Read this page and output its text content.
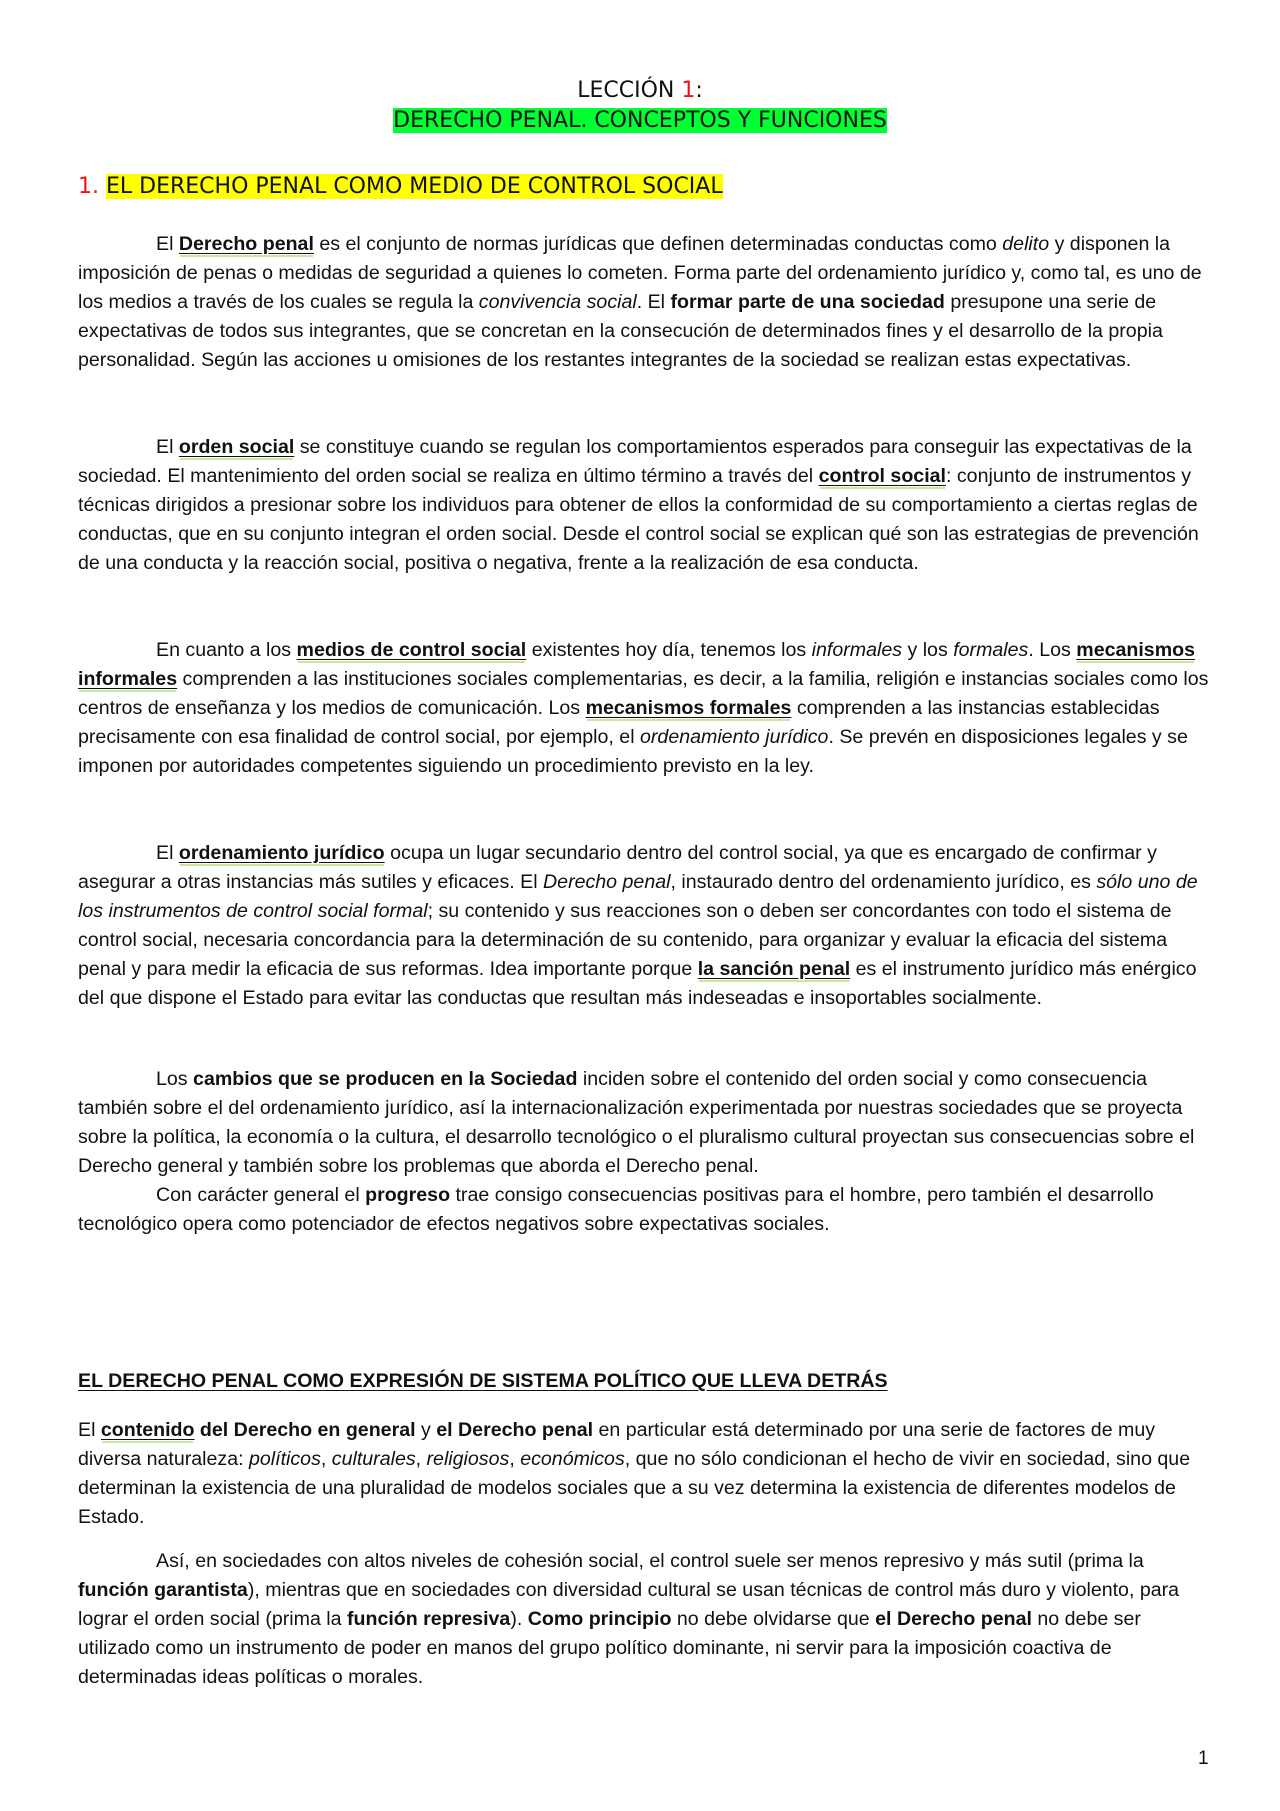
LECCIÓN 1:
DERECHO PENAL. CONCEPTOS Y FUNCIONES
1. EL DERECHO PENAL COMO MEDIO DE CONTROL SOCIAL

El Derecho penal es el conjunto de normas jurídicas que definen determinadas conductas como delito y disponen la imposición de penas o medidas de seguridad a quienes lo cometen. Forma parte del ordenamiento jurídico y, como tal, es uno de los medios a través de los cuales se regula la convivencia social. El formar parte de una sociedad presupone una serie de expectativas de todos sus integrantes, que se concretan en la consecución de determinados fines y el desarrollo de la propia personalidad. Según las acciones u omisiones de los restantes integrantes de la sociedad se realizan estas expectativas.

El orden social se constituye cuando se regulan los comportamientos esperados para conseguir las expectativas de la sociedad. El mantenimiento del orden social se realiza en último término a través del control social: conjunto de instrumentos y técnicas dirigidos a presionar sobre los individuos para obtener de ellos la conformidad de su comportamiento a ciertas reglas de conductas, que en su conjunto integran el orden social. Desde el control social se explican qué son las estrategias de prevención de una conducta y la reacción social, positiva o negativa, frente a la realización de esa conducta.

En cuanto a los medios de control social existentes hoy día, tenemos los informales y los formales. Los mecanismos informales comprenden a las instituciones sociales complementarias, es decir, a la familia, religión e instancias sociales como los centros de enseñanza y los medios de comunicación. Los mecanismos formales comprenden a las instancias establecidas precisamente con esa finalidad de control social, por ejemplo, el ordenamiento jurídico. Se prevén en disposiciones legales y se imponen por autoridades competentes siguiendo un procedimiento previsto en la ley.

El ordenamiento jurídico ocupa un lugar secundario dentro del control social, ya que es encargado de confirmar y asegurar a otras instancias más sutiles y eficaces. El Derecho penal, instaurado dentro del ordenamiento jurídico, es sólo uno de los instrumentos de control social formal; su contenido y sus reacciones son o deben ser concordantes con todo el sistema de control social, necesaria concordancia para la determinación de su contenido, para organizar y evaluar la eficacia del sistema penal y para medir la eficacia de sus reformas. Idea importante porque la sanción penal es el instrumento jurídico más enérgico del que dispone el Estado para evitar las conductas que resultan más indeseadas e insoportables socialmente.

Los cambios que se producen en la Sociedad inciden sobre el contenido del orden social y como consecuencia también sobre el del ordenamiento jurídico, así la internacionalización experimentada por nuestras sociedades que se proyecta sobre la política, la economía o la cultura, el desarrollo tecnológico o el pluralismo cultural proyectan sus consecuencias sobre el Derecho general y también sobre los problemas que aborda el Derecho penal.

Con carácter general el progreso trae consigo consecuencias positivas para el hombre, pero también el desarrollo tecnológico opera como potenciador de efectos negativos sobre expectativas sociales.

EL DERECHO PENAL COMO EXPRESIÓN DE SISTEMA POLÍTICO QUE LLEVA DETRÁS

El contenido del Derecho en general y el Derecho penal en particular está determinado por una serie de factores de muy diversa naturaleza: políticos, culturales, religiosos, económicos, que no sólo condicionan el hecho de vivir en sociedad, sino que determinan la existencia de una pluralidad de modelos sociales que a su vez determina la existencia de diferentes modelos de Estado.

Así, en sociedades con altos niveles de cohesión social, el control suele ser menos represivo y más sutil (prima la función garantista), mientras que en sociedades con diversidad cultural se usan técnicas de control más duro y violento, para lograr el orden social (prima la función represiva). Como principio no debe olvidarse que el Derecho penal no debe ser utilizado como un instrumento de poder en manos del grupo político dominante, ni servir para la imposición coactiva de determinadas ideas políticas o morales.

1
